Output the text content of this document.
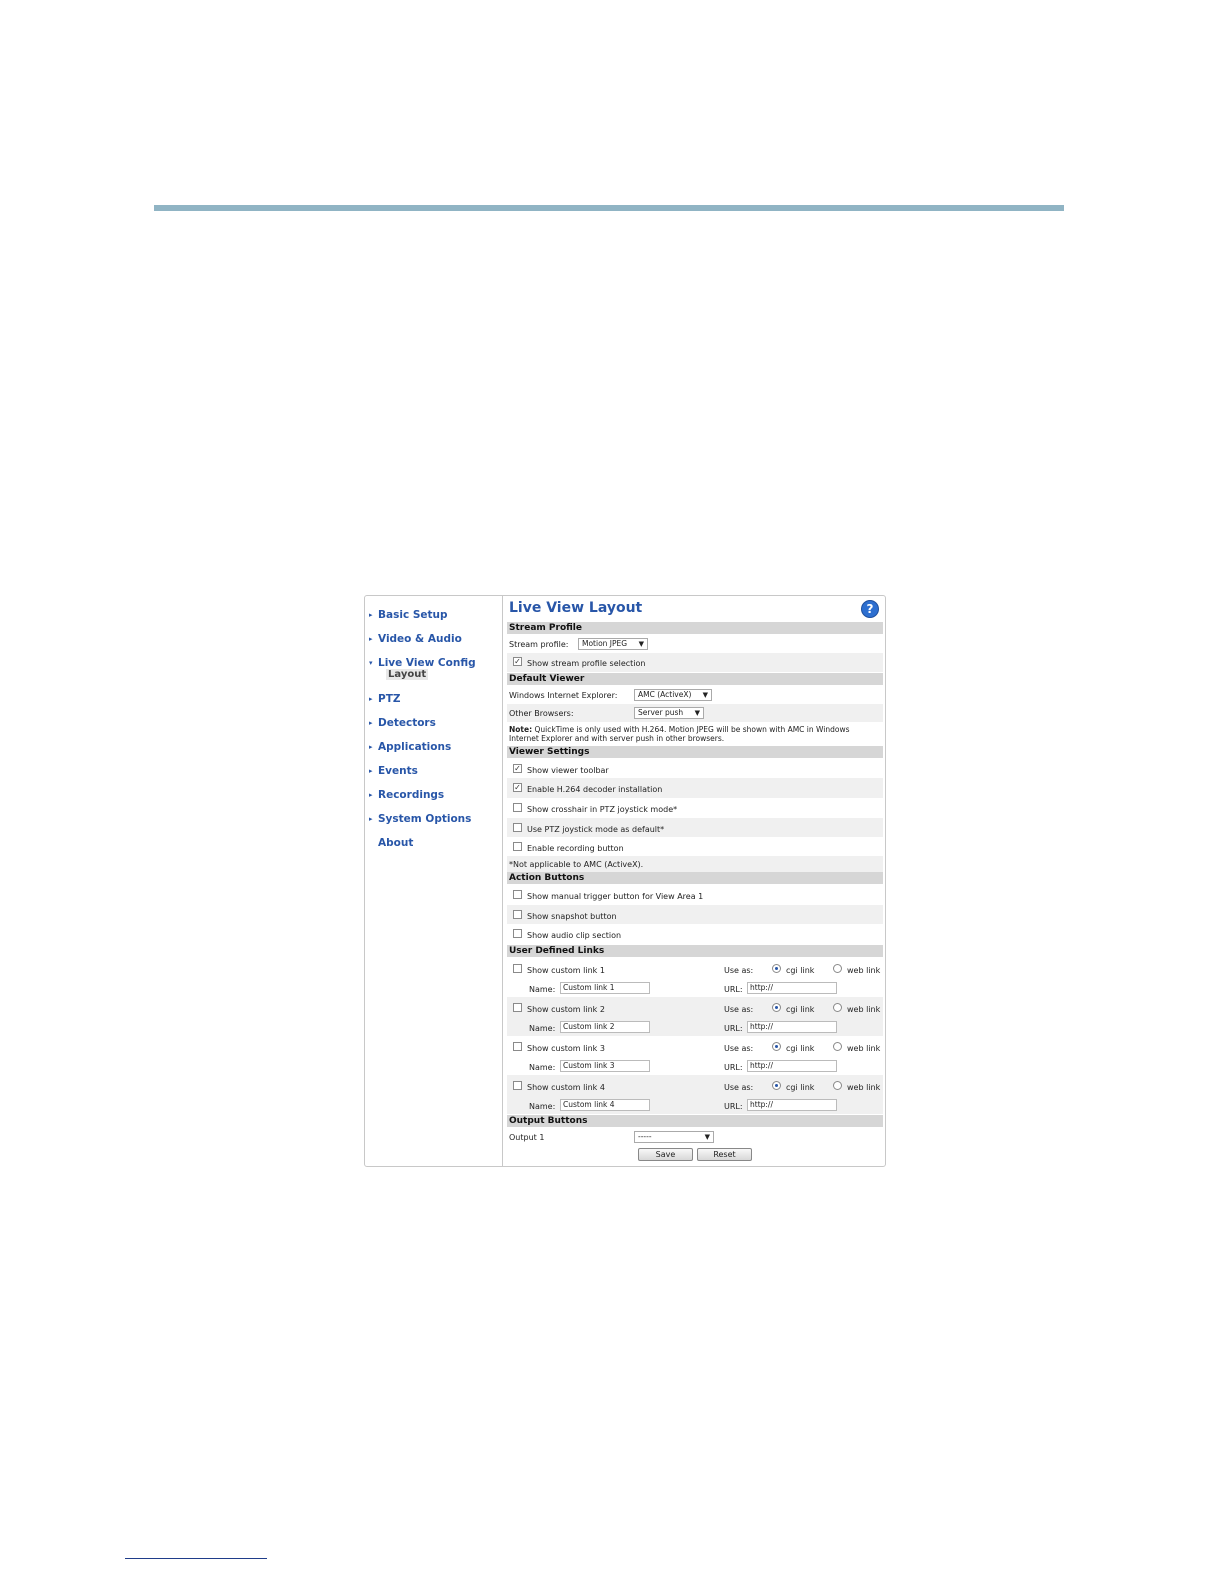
▸ Basic Setup
▸ Video & Audio
▾ Live View Config
Layout
▸ PTZ
▸ Detectors
▸ Applications
▸ Events
▸ Recordings
▸ System Options
About
Live View Layout	?
Stream Profile
Stream profile:	Motion JPEG ▼
✓ Show stream profile selection
Default Viewer
Windows Internet Explorer:	AMC (ActiveX) ▼
Other Browsers:	Server push ▼
Note: QuickTime is only used with H.264. Motion JPEG will be shown with AMC in Windows Internet Explorer and with server push in other browsers.
Viewer Settings
✓ Show viewer toolbar
✓ Enable H.264 decoder installation
Show crosshair in PTZ joystick mode*
Use PTZ joystick mode as default*
Enable recording button
*Not applicable to AMC (ActiveX).
Action Buttons
Show manual trigger button for View Area 1
Show snapshot button
Show audio clip section
User Defined Links
Show custom link 1	Use as:	cgi link	web link
Name:	Custom link 1	URL: http://
Show custom link 2	Use as:	cgi link	web link
Name:	Custom link 2	URL: http://
Show custom link 3	Use as:	cgi link	web link
Name:	Custom link 3	URL: http://
Show custom link 4	Use as:	cgi link	web link
Name:	Custom link 4	URL: http://
Output Buttons
Output 1	-----	▼
Save	Reset
